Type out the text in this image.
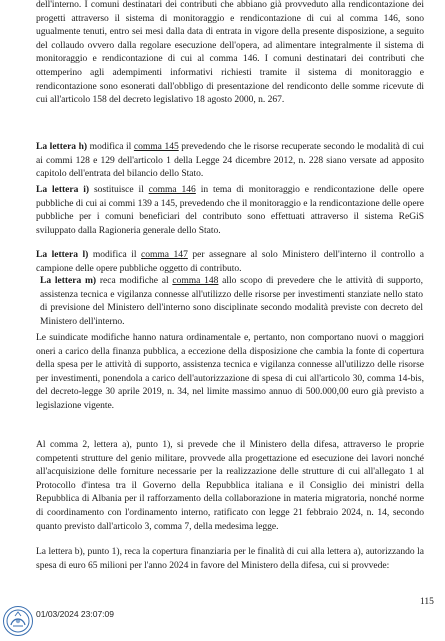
dell'interno. I comuni destinatari dei contributi che abbiano già provveduto alla rendicontazione dei progetti attraverso il sistema di monitoraggio e rendicontazione di cui al comma 146, sono ugualmente tenuti, entro sei mesi dalla data di entrata in vigore della presente disposizione, a seguito del collaudo ovvero dalla regolare esecuzione dell'opera, ad alimentare integralmente il sistema di monitoraggio e rendicontazione di cui al comma 146. I comuni destinatari dei contributi che ottemperino agli adempimenti informativi richiesti tramite il sistema di monitoraggio e rendicontazione sono esonerati dall'obbligo di presentazione del rendiconto delle somme ricevute di cui all'articolo 158 del decreto legislativo 18 agosto 2000, n. 267.

La lettera h) modifica il comma 145 prevedendo che le risorse recuperate secondo le modalità di cui ai commi 128 e 129 dell'articolo 1 della Legge 24 dicembre 2012, n. 228 siano versate ad apposito capitolo dell'entrata del bilancio dello Stato.

La lettera i) sostituisce il comma 146 in tema di monitoraggio e rendicontazione delle opere pubbliche di cui ai commi 139 a 145, prevedendo che il monitoraggio e la rendicontazione delle opere pubbliche per i comuni beneficiari del contributo sono effettuati attraverso il sistema ReGiS sviluppato dalla Ragioneria generale dello Stato.

La lettera l) modifica il comma 147 per assegnare al solo Ministero dell'interno il controllo a campione delle opere pubbliche oggetto di contributo.

La lettera m) reca modifiche al comma 148 allo scopo di prevedere che le attività di supporto, assistenza tecnica e vigilanza connesse all'utilizzo delle risorse per investimenti stanziate nello stato di previsione del Ministero dell'interno sono disciplinate secondo modalità previste con decreto del Ministero dell'interno.

Le suindicate modifiche hanno natura ordinamentale e, pertanto, non comportano nuovi o maggiori oneri a carico della finanza pubblica, a eccezione della disposizione che cambia la fonte di copertura della spesa per le attività di supporto, assistenza tecnica e vigilanza connesse all'utilizzo delle risorse per investimenti, ponendola a carico dell'autorizzazione di spesa di cui all'articolo 30, comma 14-bis, del decreto-legge 30 aprile 2019, n. 34, nel limite massimo annuo di 500.000,00 euro già previsto a legislazione vigente.

Al comma 2, lettera a), punto 1), si prevede che il Ministero della difesa, attraverso le proprie competenti strutture del genio militare, provvede alla progettazione ed esecuzione dei lavori nonché all'acquisizione delle forniture necessarie per la realizzazione delle strutture di cui all'allegato 1 al Protocollo d'intesa tra il Governo della Repubblica italiana e il Consiglio dei ministri della Repubblica di Albania per il rafforzamento della collaborazione in materia migratoria, nonché norme di coordinamento con l'ordinamento interno, ratificato con legge 21 febbraio 2024, n. 14, secondo quanto previsto dall'articolo 3, comma 7, della medesima legge.

La lettera b), punto 1), reca la copertura finanziaria per le finalità di cui alla lettera a), autorizzando la spesa di euro 65 milioni per l'anno 2024 in favore del Ministero della difesa, cui si provvede:

115
01/03/2024 23:07:09
